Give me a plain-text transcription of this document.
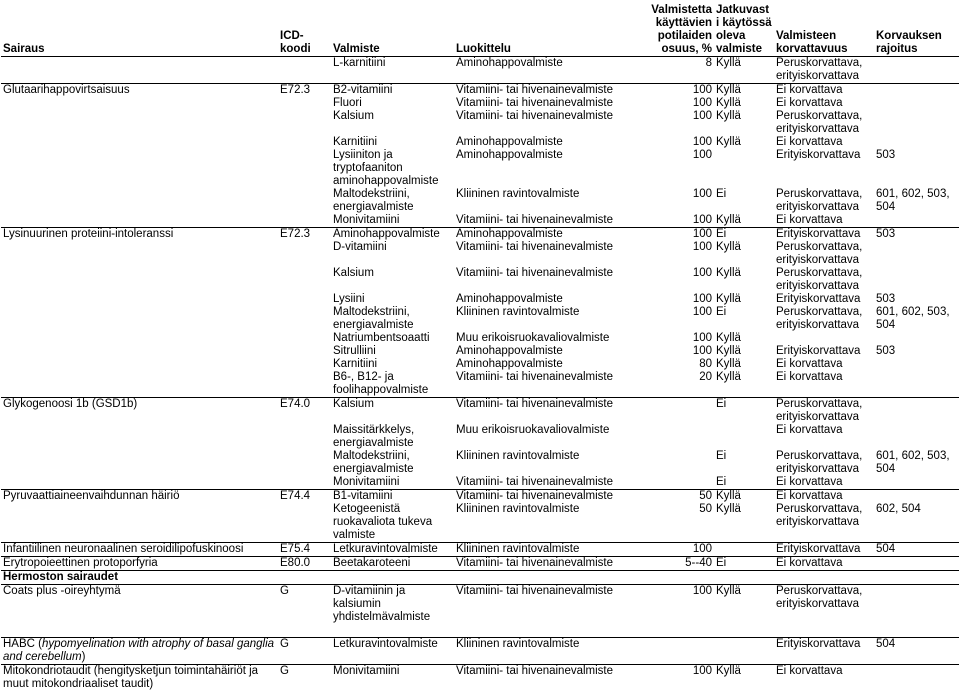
Sairaus	ICD-koodi	Valmiste	Luokittelu	Valmistetta käyttävien potilaiden osuus, %	Jatkuvasti käytössä oleva valmiste	Valmisteen korvattavuus	Korvauksen rajoitus
		L-karnitiini	Aminohappovalmiste	8	Kyllä	Peruskorvattava, erityiskorvattava	
Glutaarihappovirtsaisuus	E72.3	B2-vitamiini	Vitamiini- tai hivenainevalmiste	100	Kyllä	Ei korvattava	
		Fluori	Vitamiini- tai hivenainevalmiste	100	Kyllä	Ei korvattava	
		Kalsium	Vitamiini- tai hivenainevalmiste	100	Kyllä	Peruskorvattava, erityiskorvattava	
		Karnitiini	Aminohappovalmiste	100	Kyllä	Ei korvattava	
		Lysiiniton ja tryptofaaniton aminohappovalmiste	Aminohappovalmiste	100		Erityiskorvattava	503
		Maltodekstriini, energiavalmiste	Kliininen ravintovalmiste	100	Ei	Peruskorvattava, erityiskorvattava	601, 602, 503, 504
		Monivitamiini	Vitamiini- tai hivenainevalmiste	100	Kyllä	Ei korvattava	
Lysinuurinen proteiini-intoleranssi	E72.3	Aminohappovalmiste	Aminohappovalmiste	100	Ei	Erityiskorvattava	503
		D-vitamiini	Vitamiini- tai hivenainevalmiste	100	Kyllä	Peruskorvattava, erityiskorvattava	
		Kalsium	Vitamiini- tai hivenainevalmiste	100	Kyllä	Peruskorvattava, erityiskorvattava	
		Lysiini	Aminohappovalmiste	100	Kyllä	Erityiskorvattava	503
		Maltodekstriini, energiavalmiste	Kliininen ravintovalmiste	100	Ei	Peruskorvattava, erityiskorvattava	601, 602, 503, 504
		Natriumbentsoaatti	Muu erikoisruokavaliovalmiste	100	Kyllä		
		Sitrulliini	Aminohappovalmiste	100	Kyllä	Erityiskorvattava	503
		Karnitiini	Aminohappovalmiste	80	Kyllä	Ei korvattava	
		B6-, B12- ja foolihappovalmiste	Vitamiini- tai hivenainevalmiste	20	Kyllä	Ei korvattava	
Glykogenoosi 1b (GSD1b)	E74.0	Kalsium	Vitamiini- tai hivenainevalmiste		Ei	Peruskorvattava, erityiskorvattava	
		Maissitärkkelys, energiavalmiste	Muu erikoisruokavaliovalmiste			Ei korvattava	
		Maltodekstriini, energiavalmiste	Kliininen ravintovalmiste		Ei	Peruskorvattava, erityiskorvattava	601, 602, 503, 504
		Monivitamiini	Vitamiini- tai hivenainevalmiste		Ei	Ei korvattava	
Pyruvaattiaineenvaihdunnan häiriö	E74.4	B1-vitamiini	Vitamiini- tai hivenainevalmiste	50	Kyllä	Ei korvattava	
		Ketogeenistä ruokavaliota tukeva valmiste	Kliininen ravintovalmiste	50	Kyllä	Peruskorvattava, erityiskorvattava	602, 504
Infantiilinen neuronaalinen seroidilipofuskinoosi	E75.4	Letkuravintovalmiste	Kliininen ravintovalmiste	100		Erityiskorvattava	504
Erytropoieettinen protoporfyria	E80.0	Beetakaroteeni	Vitamiini- tai hivenainevalmiste	5--40	Ei	Ei korvattava	
Hermoston sairaudet							
Coats plus -oireyhtymä	G	D-vitamiinin ja kalsiumin yhdistelmävalmiste	Vitamiini- tai hivenainevalmiste	100	Kyllä	Peruskorvattava, erityiskorvattava	

HABC (hypomyelination with atrophy of basal ganglia and cerebellum)	G	Letkuravintovalmiste	Kliininen ravintovalmiste			Erityiskorvattava	504
Mitokondriotaudit (hengitysketjun toimintahäiriöt ja muut mitokondriaaliset taudit)	G	Monivitamiini	Vitamiini- tai hivenainevalmiste	100	Kyllä	Ei korvattava	
